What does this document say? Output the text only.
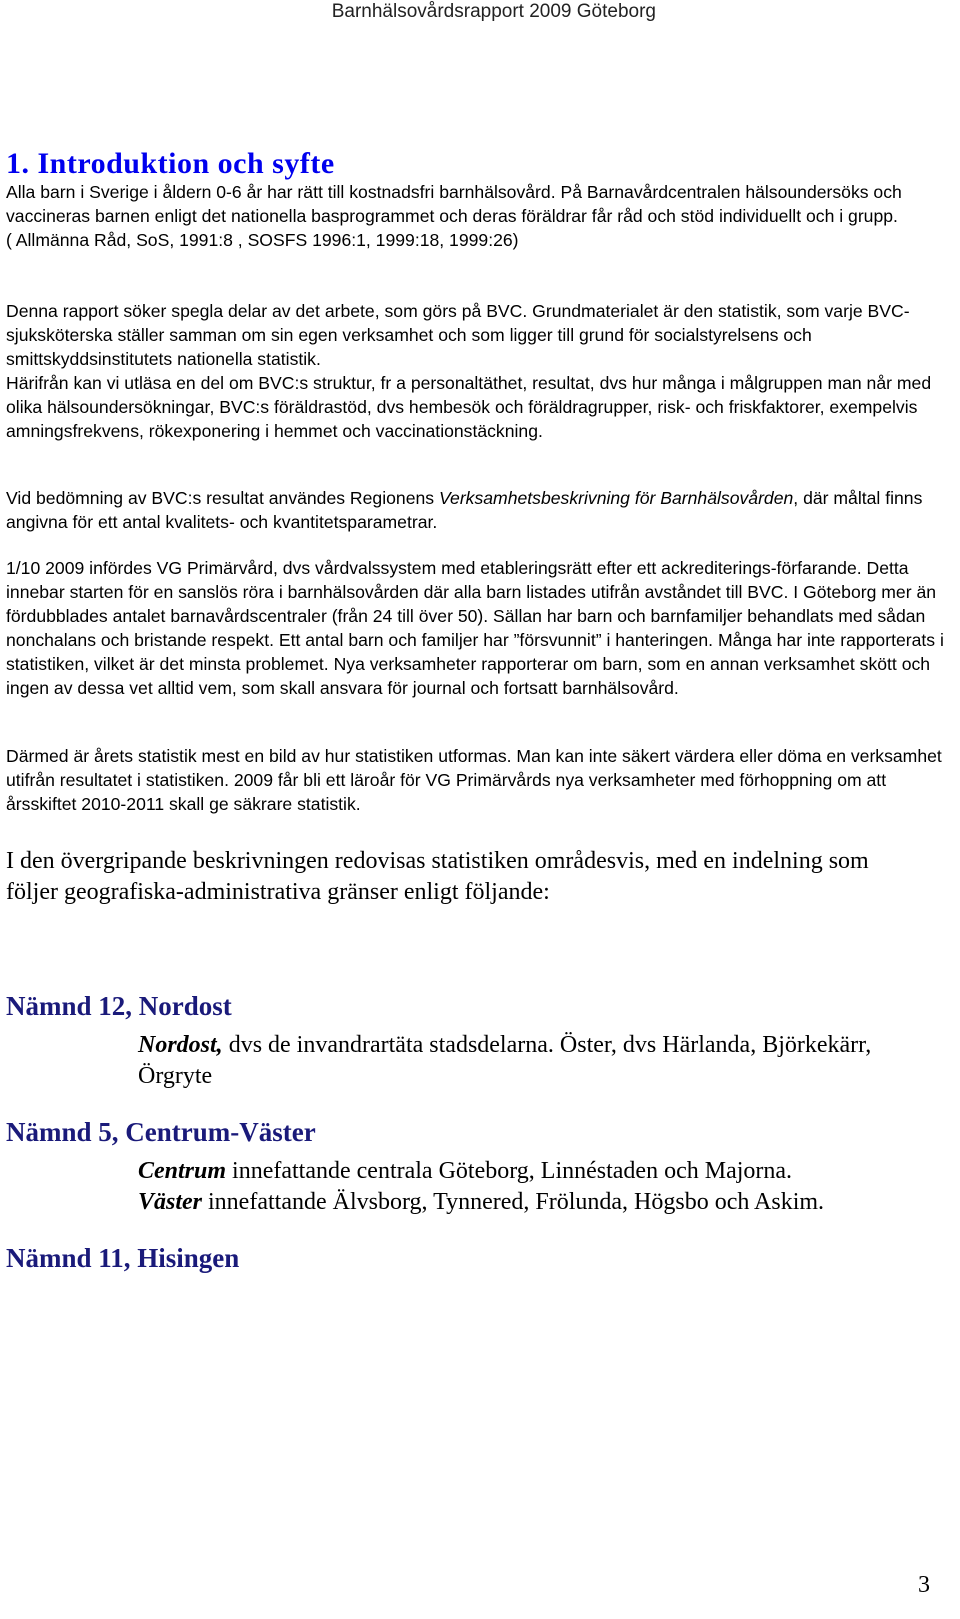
Barnhälsovårdsrapport 2009 Göteborg
1. Introduktion och syfte

Alla barn i Sverige i åldern 0-6 år har rätt till kostnadsfri barnhälsovård. På Barnavårdcentralen hälsoundersöks och vaccineras barnen enligt det nationella basprogrammet och deras föräldrar får råd och stöd individuellt och i grupp.

( Allmänna Råd, SoS, 1991:8 , SOSFS 1996:1, 1999:18, 1999:26)

Denna rapport söker spegla delar av det arbete, som görs på BVC. Grundmaterialet är den statistik, som varje BVC-sjuksköterska ställer samman om sin egen verksamhet och som ligger till grund för socialstyrelsens och smittskyddsinstitutets nationella statistik.

Härifrån kan vi utläsa en del om BVC:s struktur, fr a personaltäthet, resultat, dvs hur många i målgruppen man når med olika hälsoundersökningar, BVC:s föräldrastöd, dvs hembesök och föräldragrupper, risk- och friskfaktorer, exempelvis amningsfrekvens, rökexponering i hemmet och vaccinationstäckning.

Vid bedömning av BVC:s resultat användes Regionens Verksamhetsbeskrivning för Barnhälsovården, där måltal finns angivna för ett antal kvalitets- och kvantitetsparametrar.

1/10 2009 infördes VG Primärvård, dvs vårdvalssystem med etableringsrätt efter ett ackrediterings-förfarande. Detta innebar starten för en sanslös röra i barnhälsovården där alla barn listades utifrån avståndet till BVC. I Göteborg mer än fördubblades antalet barnavårdscentraler (från 24 till över 50). Sällan har barn och barnfamiljer behandlats med sådan nonchalans och bristande respekt. Ett antal barn och familjer har ”försvunnit” i hanteringen. Många har inte rapporterats i statistiken, vilket är det minsta problemet. Nya verksamheter rapporterar om barn, som en annan verksamhet skött och ingen av dessa vet alltid vem, som skall ansvara för journal och fortsatt barnhälsovård.
Därmed är årets statistik mest en bild av hur statistiken utformas. Man kan inte säkert värdera eller döma en verksamhet utifrån resultatet i statistiken. 2009 får bli ett läroår för VG Primärvårds nya verksamheter med förhoppning om att årsskiftet 2010-2011 skall ge säkrare statistik.
I den övergripande beskrivningen redovisas statistiken områdesvis, med en indelning som följer geografiska-administrativa gränser enligt följande:
Nämnd 12, Nordost
Nordost, dvs de invandrartäta stadsdelarna. Öster, dvs Härlanda, Björkekärr, Örgryte
Nämnd 5, Centrum-Väster
Centrum innefattande centrala Göteborg, Linnéstaden och Majorna.
Väster innefattande Älvsborg, Tynnered, Frölunda, Högsbo och Askim.
Nämnd 11, Hisingen
3
